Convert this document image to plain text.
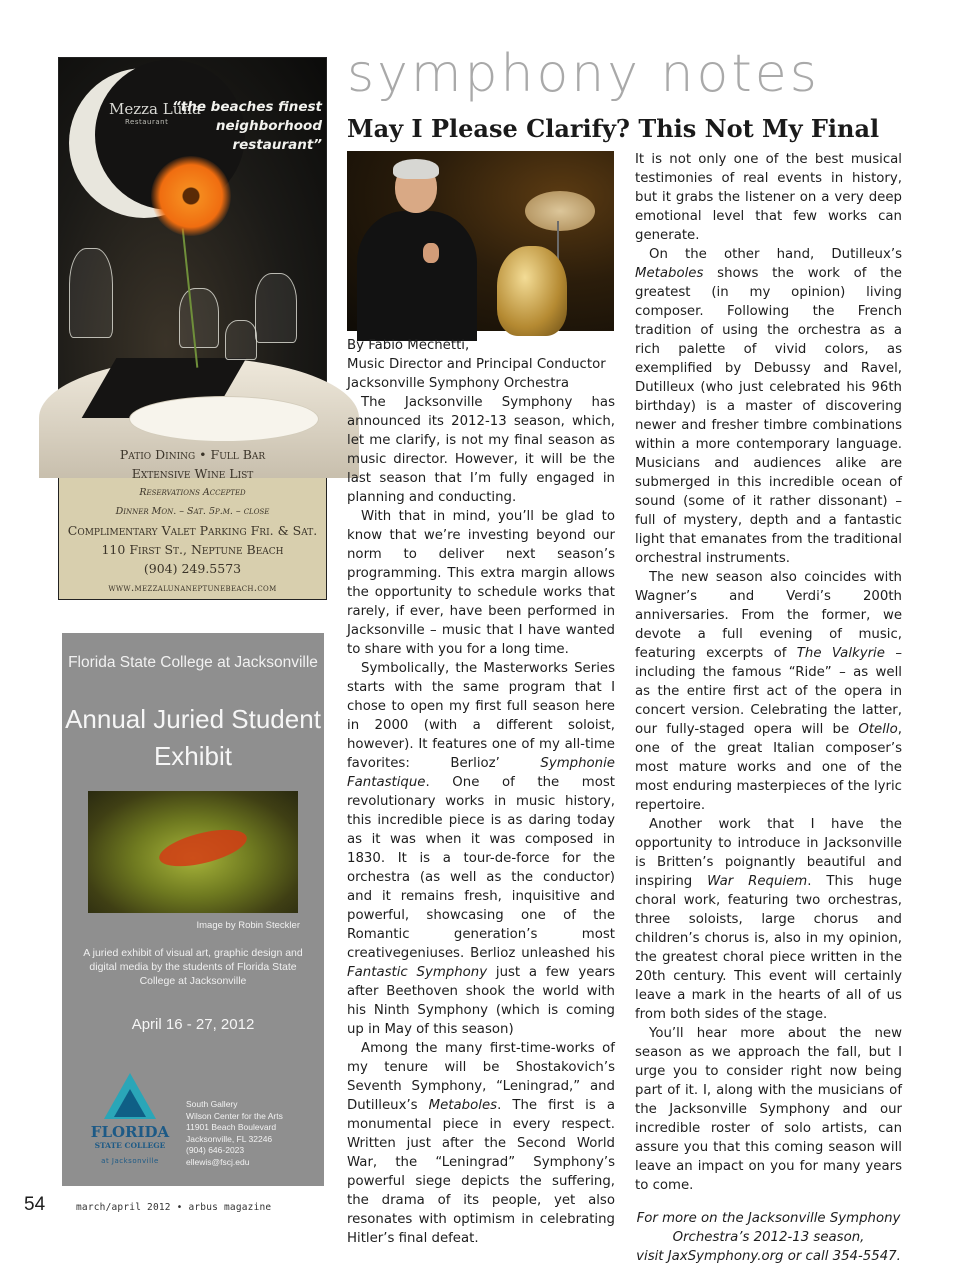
Mezza Luna
Restaurant
“the beaches finest neighborhood restaurant”
Patio Dining • Full Bar
Extensive Wine List
Reservations Accepted
Dinner Mon. – Sat. 5p.m. – close
Complimentary Valet Parking Fri. & Sat.
110 First St., Neptune Beach
(904) 249.5573
www.mezzalunaneptunebeach.com
Florida State College at Jacksonville
Annual Juried Student Exhibit
Image by Robin Steckler
A juried exhibit of visual art, graphic design and digital media by the students of Florida State College at Jacksonville
April 16 - 27, 2012
FLORIDA
STATE COLLEGE
at Jacksonville
South Gallery
Wilson Center for the Arts
11901 Beach Boulevard
Jacksonville, FL 32246
(904) 646-2023
ellewis@fscj.edu
symphony notes
May I Please Clarify? This Not My Final
By Fabio Mechetti,
Music Director and Principal Conductor
Jacksonville Symphony Orchestra

The Jacksonville Symphony has announced its 2012-13 season, which, let me clarify, is not my final season as music director. However, it will be the last season that I’m fully engaged in planning and conducting.

With that in mind, you’ll be glad to know that we’re investing beyond our norm to deliver next season’s programming. This extra margin allows the opportunity to schedule works that rarely, if ever, have been performed in Jacksonville – music that I have wanted to share with you for a long time.

Symbolically, the Masterworks Series starts with the same program that I chose to open my first full season here in 2000 (with a different soloist, however). It features one of my all-time favorites: Berlioz’ Symphonie Fantastique. One of the most revolutionary works in music history, this incredible piece is as daring today as it was when it was composed in 1830. It is a tour-de-force for the orchestra (as well as the conductor) and it remains fresh, inquisitive and powerful, showcasing one of the Romantic generation’s most creativegeniuses. Berlioz unleashed his Fantastic Symphony just a few years after Beethoven shook the world with his Ninth Symphony (which is coming up in May of this season)

Among the many first-time-works of my tenure will be Shostakovich’s Seventh Symphony, “Leningrad,” and Dutilleux’s Metaboles. The first is a monumental piece in every respect. Written just after the Second World War, the “Leningrad” Symphony’s powerful siege depicts the suffering, the drama of its people, yet also resonates with optimism in celebrating Hitler’s final defeat.

It is not only one of the best musical testimonies of real events in history, but it grabs the listener on a very deep emotional level that few works can generate.

On the other hand, Dutilleux’s Metaboles shows the work of the greatest (in my opinion) living composer. Following the French tradition of using the orchestra as a rich palette of vivid colors, as exemplified by Debussy and Ravel, Dutilleux (who just celebrated his 96th birthday) is a master of discovering newer and fresher timbre combinations within a more contemporary language. Musicians and audiences alike are submerged in this incredible ocean of sound (some of it rather dissonant) – full of mystery, depth and a fantastic light that emanates from the traditional orchestral instruments.

The new season also coincides with Wagner’s and Verdi’s 200th anniversaries. From the former, we devote a full evening of music, featuring excerpts of The Valkyrie – including the famous “Ride” – as well as the entire first act of the opera in concert version. Celebrating the latter, our fully-staged opera will be Otello, one of the great Italian composer’s most mature works and one of the most enduring masterpieces of the lyric repertoire.

Another work that I have the opportunity to introduce in Jacksonville is Britten’s poignantly beautiful and inspiring War Requiem. This huge choral work, featuring two orchestras, three soloists, large chorus and children’s chorus is, also in my opinion, the greatest choral piece written in the 20th century. This event will certainly leave a mark in the hearts of all of us from both sides of the stage.

You’ll hear more about the new season as we approach the fall, but I urge you to consider right now being part of it. I, along with the musicians of the Jacksonville Symphony and our incredible roster of solo artists, can assure you that this coming season will leave an impact on you for many years to come.

For more on the Jacksonville Symphony
Orchestra’s 2012-13 season,
visit JaxSymphony.org or call 354-5547.
54	march/april 2012 • arbus magazine
